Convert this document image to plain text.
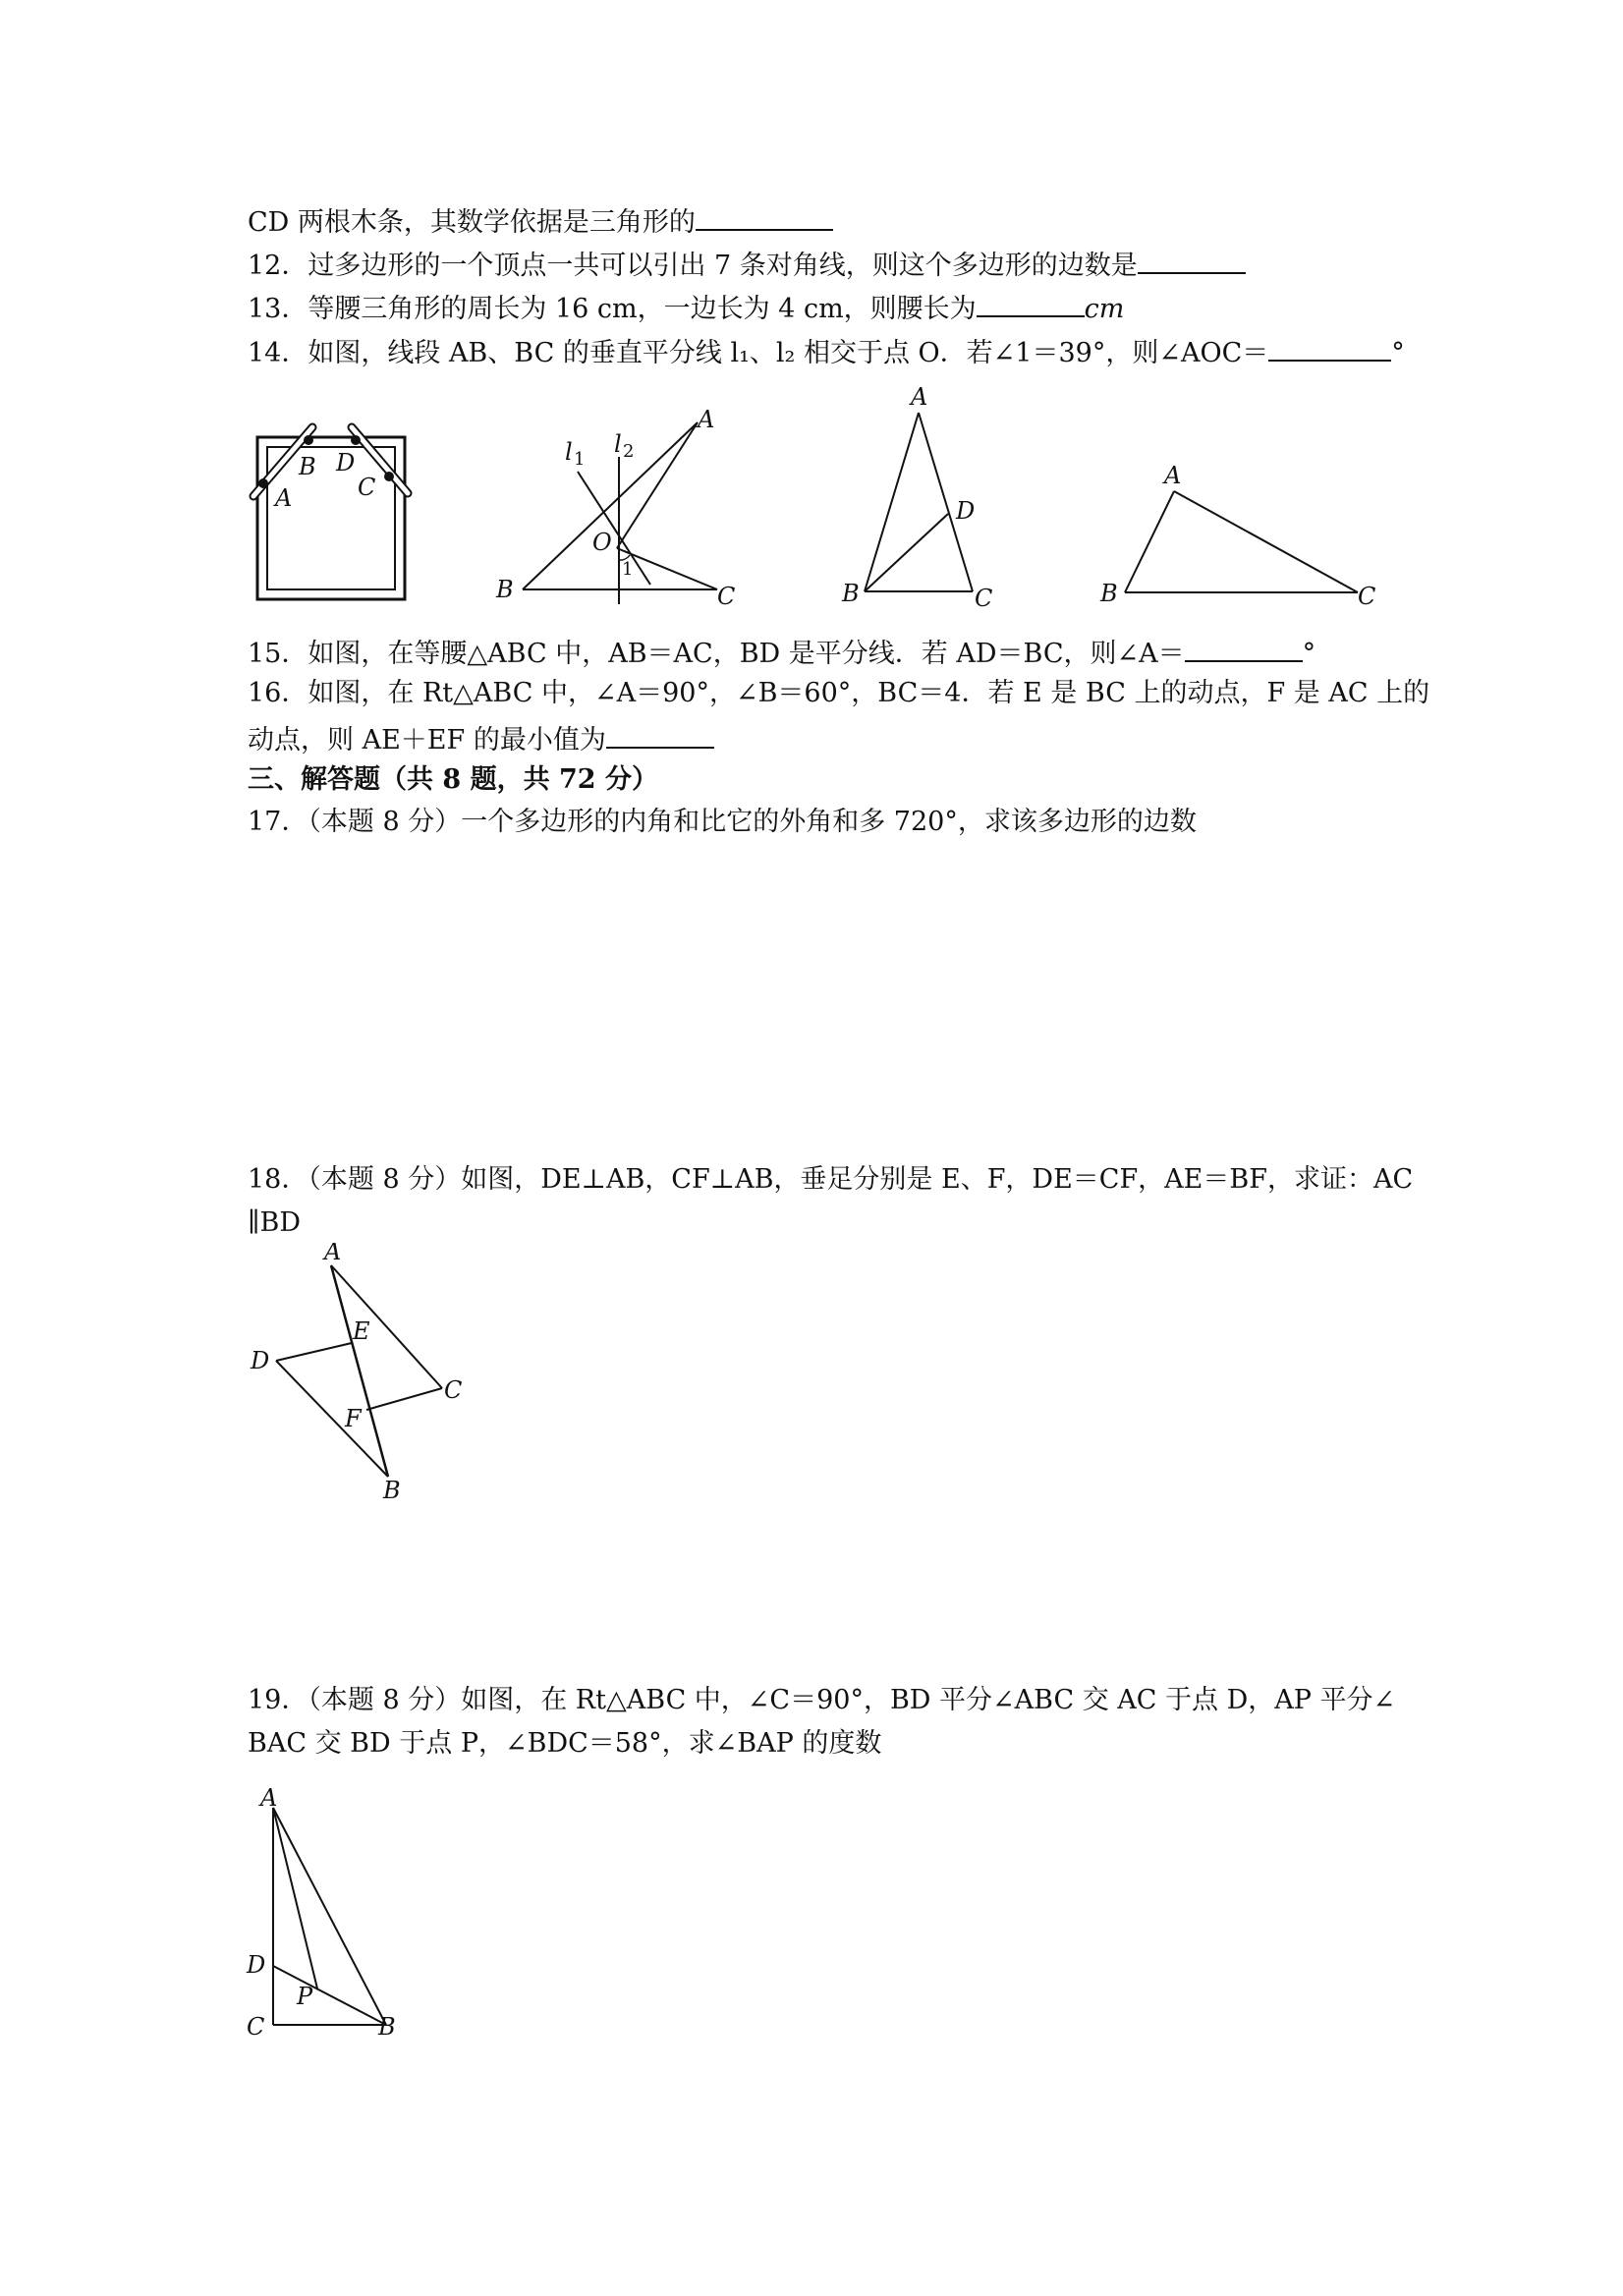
CD 两根木条，其数学依据是三角形的
12．过多边形的一个顶点一共可以引出 7 条对角线，则这个多边形的边数是
13．等腰三角形的周长为 16 cm，一边长为 4 cm，则腰长为	cm
14．如图，线段 AB、BC 的垂直平分线 l₁、l₂ 相交于点 O．若∠1＝39°，则∠AOC＝	°
A
B D
C
l 1
l 2
A
B	C
O
1
A
B	C
D
A
B	C
15．如图，在等腰△ABC 中，AB＝AC，BD 是平分线．若 AD＝BC，则∠A＝	°
16．如图，在 Rt△ABC 中，∠A＝90°，∠B＝60°，BC＝4．若 E 是 BC 上的动点，F 是 AC 上的
动点，则 AE＋EF 的最小值为
三、解答题（共 8 题，共 72 分）
17．（本题 8 分）一个多边形的内角和比它的外角和多 720°，求该多边形的边数
18．（本题 8 分）如图，DE⊥AB，CF⊥AB，垂足分别是 E、F，DE＝CF，AE＝BF，求证：AC
∥BD
A
D
E
C
F
B
19．（本题 8 分）如图，在 Rt△ABC 中，∠C＝90°，BD 平分∠ABC 交 AC 于点 D，AP 平分∠
BAC 交 BD 于点 P，∠BDC＝58°，求∠BAP 的度数
A
D
P
C	B
